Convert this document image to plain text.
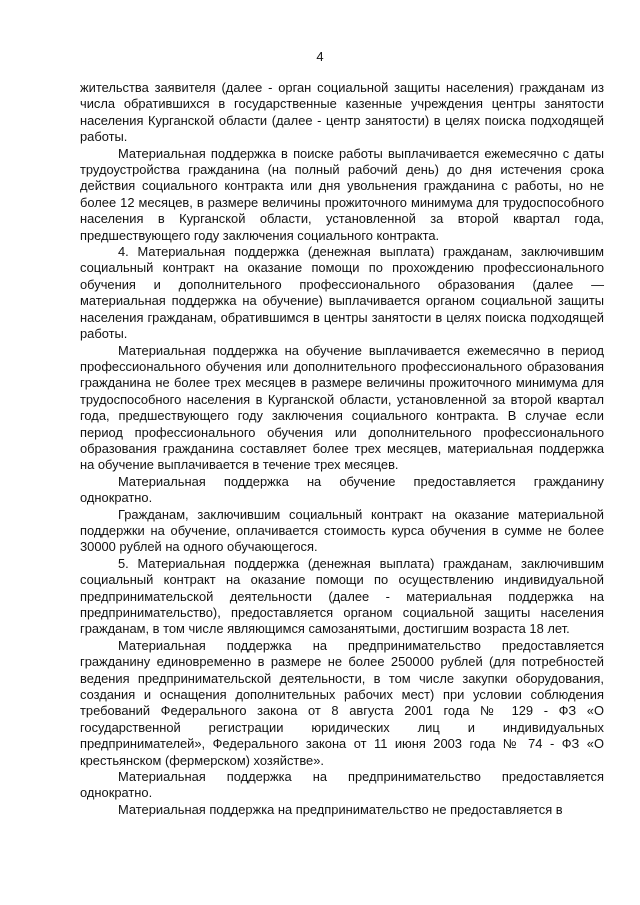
4

жительства заявителя (далее - орган социальной защиты населения) гражданам из числа обратившихся в государственные казенные учреждения центры занятости населения Курганской области (далее - центр занятости) в целях поиска подходящей работы.

Материальная поддержка в поиске работы выплачивается ежемесячно с даты трудоустройства гражданина (на полный рабочий день) до дня истечения срока действия социального контракта или дня увольнения гражданина с работы, но не более 12 месяцев, в размере величины прожиточного минимума для трудоспособного населения в Курганской области, установленной за второй квартал года, предшествующего году заключения социального контракта.

4. Материальная поддержка (денежная выплата) гражданам, заключившим социальный контракт на оказание помощи по прохождению профессионального обучения и дополнительного профессионального образования (далее — материальная поддержка на обучение) выплачивается органом социальной защиты населения гражданам, обратившимся в центры занятости в целях поиска подходящей работы.

Материальная поддержка на обучение выплачивается ежемесячно в период профессионального обучения или дополнительного профессионального образования гражданина не более трех месяцев в размере величины прожиточного минимума для трудоспособного населения в Курганской области, установленной за второй квартал года, предшествующего году заключения социального контракта. В случае если период профессионального обучения или дополнительного профессионального образования гражданина составляет более трех месяцев, материальная поддержка на обучение выплачивается в течение трех месяцев.

Материальная поддержка на обучение предоставляется гражданину однократно.

Гражданам, заключившим социальный контракт на оказание материальной поддержки на обучение, оплачивается стоимость курса обучения в сумме не более 30000 рублей на одного обучающегося.

5. Материальная поддержка (денежная выплата) гражданам, заключившим социальный контракт на оказание помощи по осуществлению индивидуальной предпринимательской деятельности (далее - материальная поддержка на предпринимательство), предоставляется органом социальной защиты населения гражданам, в том числе являющимся самозанятыми, достигшим возраста 18 лет.

Материальная поддержка на предпринимательство предоставляется гражданину единовременно в размере не более 250000 рублей (для потребностей ведения предпринимательской деятельности, в том числе закупки оборудования, создания и оснащения дополнительных рабочих мест) при условии соблюдения требований Федерального закона от 8 августа 2001 года № 129 - ФЗ «О государственной регистрации юридических лиц и индивидуальных предпринимателей», Федерального закона от 11 июня 2003 года № 74 - ФЗ «О крестьянском (фермерском) хозяйстве».

Материальная поддержка на предпринимательство предоставляется однократно.

Материальная поддержка на предпринимательство не предоставляется в
